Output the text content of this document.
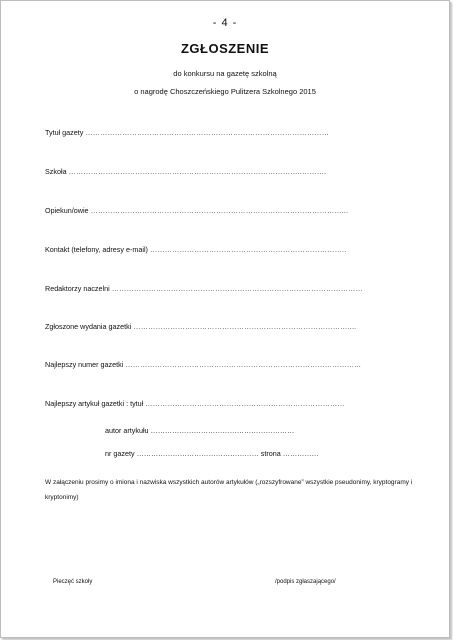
- 4 -
ZGŁOSZENIE
do konkursu na gazetę szkolną
o nagrodę Choszczeńskiego Pulitzera Szkolnego 2015
Tytuł gazety ………………………………………………………………………………………
Szkoła …………………………………………………………………………………..……….
Opiekun/owie …………………………………………………………………………………………...
Kontakt (telefony, adresy e-mail) ……………………………………………………………………..
Redaktorzy naczelni …………………………………………………………………………………………
Zgłoszone wydania gazetki ……………………………………………………………………………....
Najlepszy numer gazetki …………………………………………………………………………………...
Najlepszy artykuł gazetki : tytuł ………………………………………………………………………
autor artykułu ……………………………………………………
nr gazety …………………………………………… strona ……………
W załączeniu prosimy o imiona i nazwiska wszystkich autorów artykułów („rozszyfrowane” wszystkie pseudonimy, kryptogramy i kryptonimy)
Pieczęć szkoły	/podpis zgłaszającego/
